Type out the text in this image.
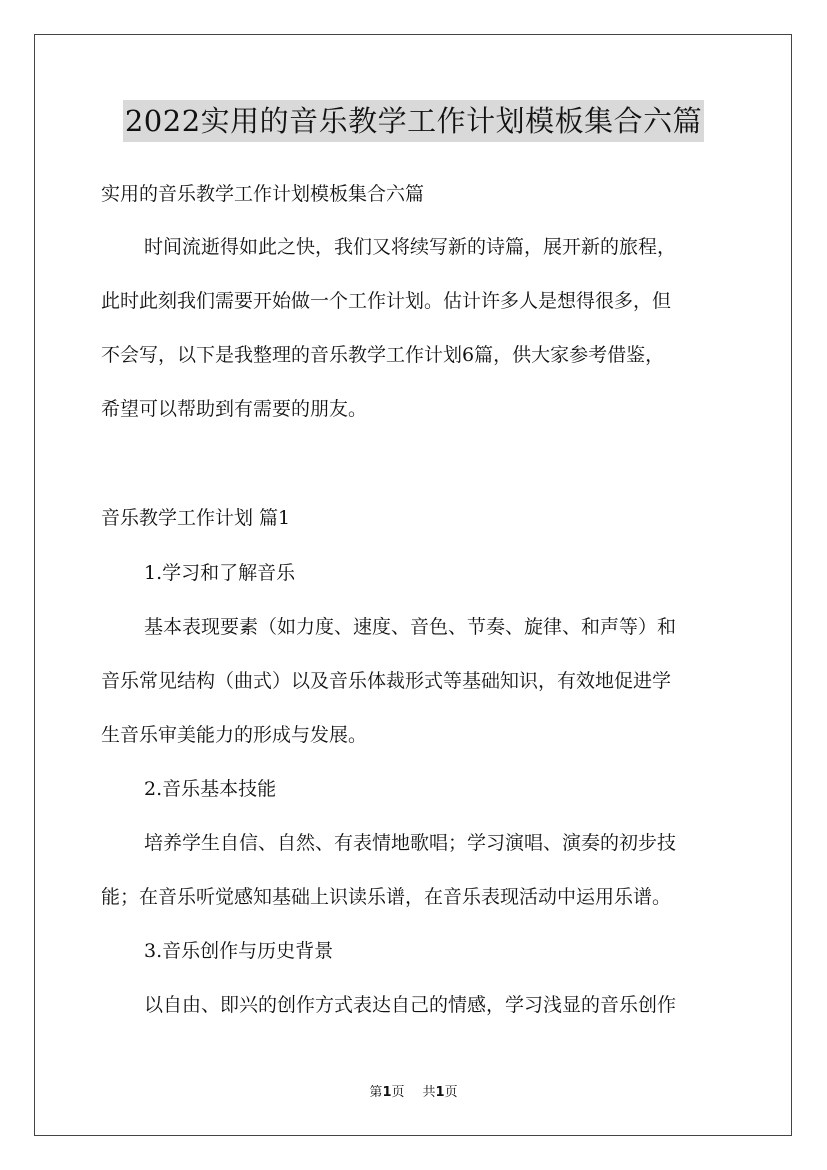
2022实用的音乐教学工作计划模板集合六篇
实用的音乐教学工作计划模板集合六篇
时间流逝得如此之快，我们又将续写新的诗篇，展开新的旅程，
此时此刻我们需要开始做一个工作计划。估计许多人是想得很多，但
不会写，以下是我整理的音乐教学工作计划6篇，供大家参考借鉴，
希望可以帮助到有需要的朋友。
音乐教学工作计划 篇1
1.学习和了解音乐
基本表现要素（如力度、速度、音色、节奏、旋律、和声等）和
音乐常见结构（曲式）以及音乐体裁形式等基础知识，有效地促进学
生音乐审美能力的形成与发展。
2.音乐基本技能
培养学生自信、自然、有表情地歌唱；学习演唱、演奏的初步技
能；在音乐听觉感知基础上识读乐谱，在音乐表现活动中运用乐谱。
3.音乐创作与历史背景
以自由、即兴的创作方式表达自己的情感，学习浅显的音乐创作
第1页 共1页
